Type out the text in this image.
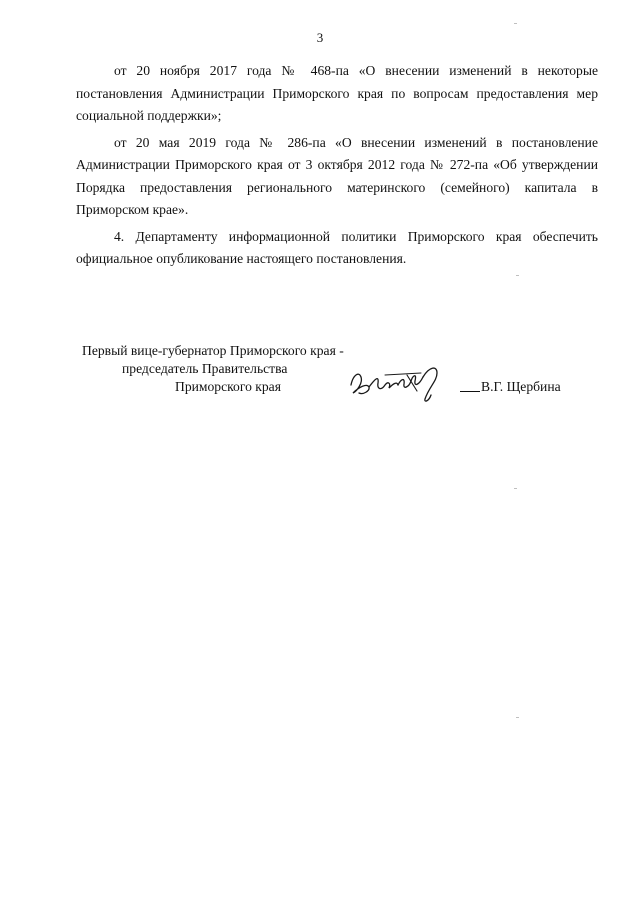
3

от 20 ноября 2017 года № 468-па «О внесении изменений в некоторые постановления Администрации Приморского края по вопросам предоставления мер социальной поддержки»;

от 20 мая 2019 года № 286-па «О внесении изменений в постановление Администрации Приморского края от 3 октября 2012 года № 272-па «Об утверждении Порядка предоставления регионального материнского (семейного) капитала в Приморском крае».

4. Департаменту информационной политики Приморского края обеспечить официальное опубликование настоящего постановления.

Первый вице-губернатор Приморского края -
председатель Правительства
Приморского края	В.Г. Щербина
